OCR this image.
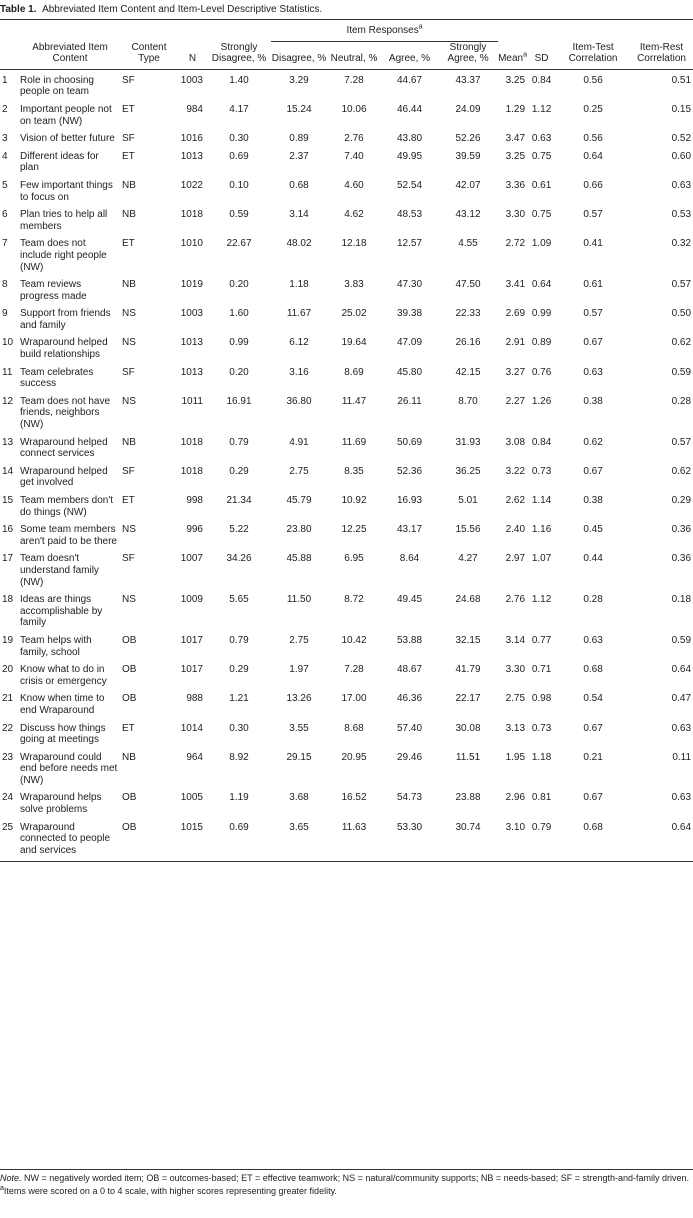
Table 1. Abbreviated Item Content and Item-Level Descriptive Statistics.
					Item Responses$^a$	
	Abbreviated Item Content	Content Type	N	Strongly Disagree, %	Disagree, %	Neutral, %	Agree, %	Strongly Agree, %	Mean$^a$	SD	Item-Test Correlation	Item-Rest Correlation
1	Role in choosing people on team	SF	1003	1.40	3.29	7.28	44.67	43.37	3.25	0.84	0.56	0.51
2	Important people not on team (NW)	ET	984	4.17	15.24	10.06	46.44	24.09	1.29	1.12	0.25	0.15
3	Vision of better future	SF	1016	0.30	0.89	2.76	43.80	52.26	3.47	0.63	0.56	0.52
4	Different ideas for plan	ET	1013	0.69	2.37	7.40	49.95	39.59	3.25	0.75	0.64	0.60
5	Few important things to focus on	NB	1022	0.10	0.68	4.60	52.54	42.07	3.36	0.61	0.66	0.63
6	Plan tries to help all members	NB	1018	0.59	3.14	4.62	48.53	43.12	3.30	0.75	0.57	0.53
7	Team does not include right people (NW)	ET	1010	22.67	48.02	12.18	12.57	4.55	2.72	1.09	0.41	0.32
8	Team reviews progress made	NB	1019	0.20	1.18	3.83	47.30	47.50	3.41	0.64	0.61	0.57
9	Support from friends and family	NS	1003	1.60	11.67	25.02	39.38	22.33	2.69	0.99	0.57	0.50
10	Wraparound helped build relationships	NS	1013	0.99	6.12	19.64	47.09	26.16	2.91	0.89	0.67	0.62
11	Team celebrates success	SF	1013	0.20	3.16	8.69	45.80	42.15	3.27	0.76	0.63	0.59
12	Team does not have friends, neighbors (NW)	NS	1011	16.91	36.80	11.47	26.11	8.70	2.27	1.26	0.38	0.28
13	Wraparound helped connect services	NB	1018	0.79	4.91	11.69	50.69	31.93	3.08	0.84	0.62	0.57
14	Wraparound helped get involved	SF	1018	0.29	2.75	8.35	52.36	36.25	3.22	0.73	0.67	0.62
15	Team members don't do things (NW)	ET	998	21.34	45.79	10.92	16.93	5.01	2.62	1.14	0.38	0.29
16	Some team members aren't paid to be there	NS	996	5.22	23.80	12.25	43.17	15.56	2.40	1.16	0.45	0.36
17	Team doesn't understand family (NW)	SF	1007	34.26	45.88	6.95	8.64	4.27	2.97	1.07	0.44	0.36
18	Ideas are things accomplishable by family	NS	1009	5.65	11.50	8.72	49.45	24.68	2.76	1.12	0.28	0.18
19	Team helps with family, school	OB	1017	0.79	2.75	10.42	53.88	32.15	3.14	0.77	0.63	0.59
20	Know what to do in crisis or emergency	OB	1017	0.29	1.97	7.28	48.67	41.79	3.30	0.71	0.68	0.64
21	Know when time to end Wraparound	OB	988	1.21	13.26	17.00	46.36	22.17	2.75	0.98	0.54	0.47
22	Discuss how things going at meetings	ET	1014	0.30	3.55	8.68	57.40	30.08	3.13	0.73	0.67	0.63
23	Wraparound could end before needs met (NW)	NB	964	8.92	29.15	20.95	29.46	11.51	1.95	1.18	0.21	0.11
24	Wraparound helps solve problems	OB	1005	1.19	3.68	16.52	54.73	23.88	2.96	0.81	0.67	0.63
25	Wraparound connected to people and services	OB	1015	0.69	3.65	11.63	53.30	30.74	3.10	0.79	0.68	0.64
Note. NW = negatively worded item; OB = outcomes-based; ET = effective teamwork; NS = natural/community supports; NB = needs-based; SF = strength-and-family driven.
$^a$Items were scored on a 0 to 4 scale, with higher scores representing greater fidelity.
